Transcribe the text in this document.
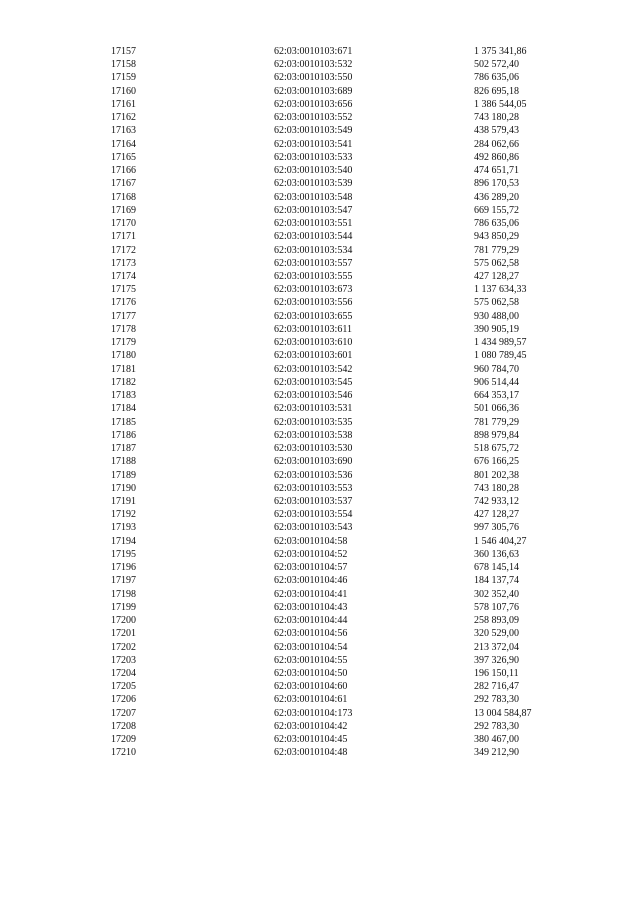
17157	62:03:0010103:671	1 375 341,86
17158	62:03:0010103:532	502 572,40
17159	62:03:0010103:550	786 635,06
17160	62:03:0010103:689	826 695,18
17161	62:03:0010103:656	1 386 544,05
17162	62:03:0010103:552	743 180,28
17163	62:03:0010103:549	438 579,43
17164	62:03:0010103:541	284 062,66
17165	62:03:0010103:533	492 860,86
17166	62:03:0010103:540	474 651,71
17167	62:03:0010103:539	896 170,53
17168	62:03:0010103:548	436 289,20
17169	62:03:0010103:547	669 155,72
17170	62:03:0010103:551	786 635,06
17171	62:03:0010103:544	943 850,29
17172	62:03:0010103:534	781 779,29
17173	62:03:0010103:557	575 062,58
17174	62:03:0010103:555	427 128,27
17175	62:03:0010103:673	1 137 634,33
17176	62:03:0010103:556	575 062,58
17177	62:03:0010103:655	930 488,00
17178	62:03:0010103:611	390 905,19
17179	62:03:0010103:610	1 434 989,57
17180	62:03:0010103:601	1 080 789,45
17181	62:03:0010103:542	960 784,70
17182	62:03:0010103:545	906 514,44
17183	62:03:0010103:546	664 353,17
17184	62:03:0010103:531	501 066,36
17185	62:03:0010103:535	781 779,29
17186	62:03:0010103:538	898 979,84
17187	62:03:0010103:530	518 675,72
17188	62:03:0010103:690	676 166,25
17189	62:03:0010103:536	801 202,38
17190	62:03:0010103:553	743 180,28
17191	62:03:0010103:537	742 933,12
17192	62:03:0010103:554	427 128,27
17193	62:03:0010103:543	997 305,76
17194	62:03:0010104:58	1 546 404,27
17195	62:03:0010104:52	360 136,63
17196	62:03:0010104:57	678 145,14
17197	62:03:0010104:46	184 137,74
17198	62:03:0010104:41	302 352,40
17199	62:03:0010104:43	578 107,76
17200	62:03:0010104:44	258 893,09
17201	62:03:0010104:56	320 529,00
17202	62:03:0010104:54	213 372,04
17203	62:03:0010104:55	397 326,90
17204	62:03:0010104:50	196 150,11
17205	62:03:0010104:60	282 716,47
17206	62:03:0010104:61	292 783,30
17207	62:03:0010104:173	13 004 584,87
17208	62:03:0010104:42	292 783,30
17209	62:03:0010104:45	380 467,00
17210	62:03:0010104:48	349 212,90
